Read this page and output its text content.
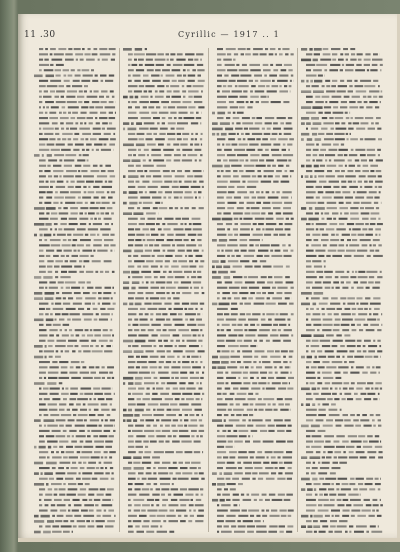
11 .30	Cyrillic — 1917 .. 1
